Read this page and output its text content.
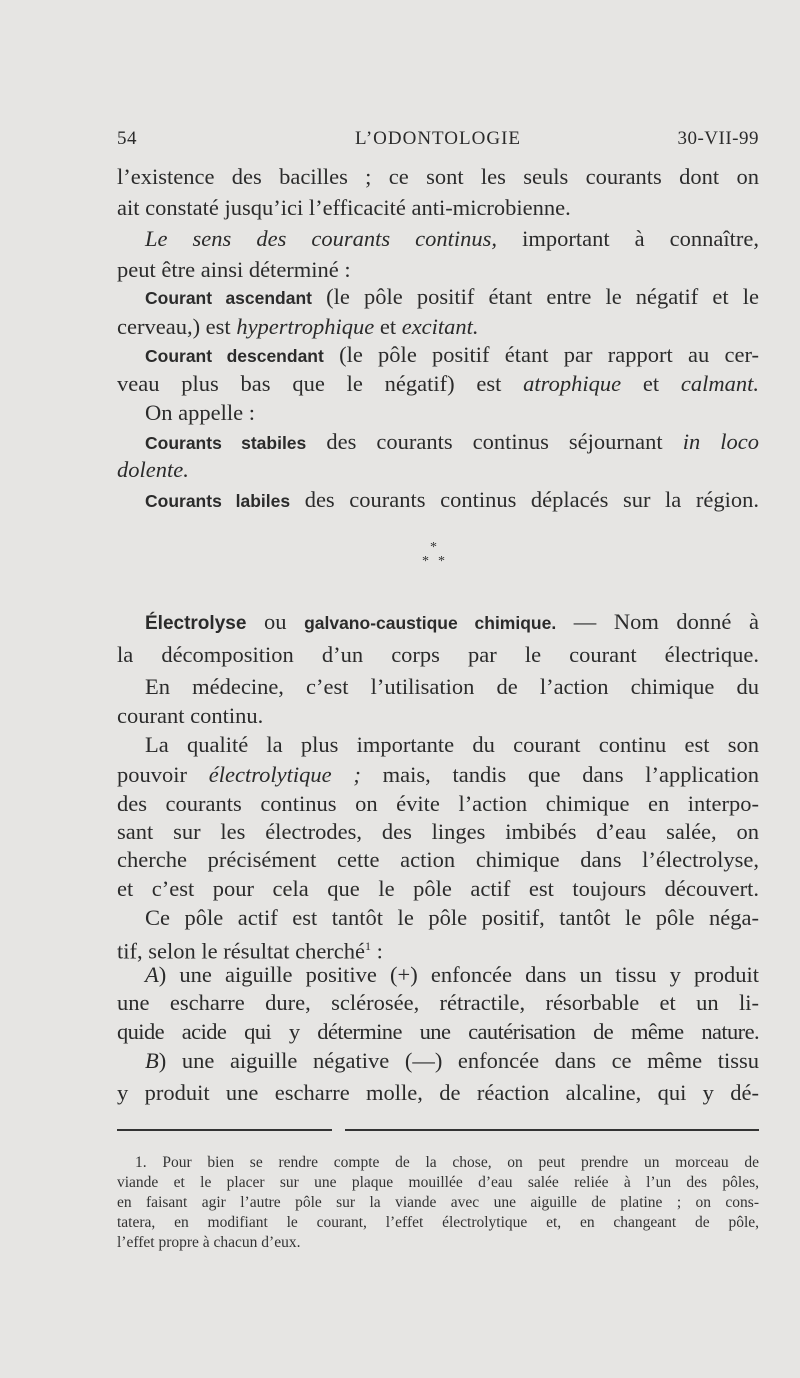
54	L’ODONTOLOGIE	30-VII-99
l’existence des bacilles ; ce sont les seuls courants dont on
ait constaté jusqu’ici l’efficacité anti-microbienne.
Le sens des courants continus, important à connaître,
peut être ainsi déterminé :
Courant ascendant (le pôle positif étant entre le négatif et le
cerveau,) est hypertrophique et excitant.
Courant descendant (le pôle positif étant par rapport au cer-
veau plus bas que le négatif) est atrophique et calmant.
On appelle :
Courants stabiles des courants continus séjournant in loco
dolente.
Courants labiles des courants continus déplacés sur la région.
*
* *
Électrolyse ou galvano-caustique chimique. — Nom donné à
la décomposition d’un corps par le courant électrique.
En médecine, c’est l’utilisation de l’action chimique du
courant continu.
La qualité la plus importante du courant continu est son
pouvoir électrolytique ; mais, tandis que dans l’application
des courants continus on évite l’action chimique en interpo-
sant sur les électrodes, des linges imbibés d’eau salée, on
cherche précisément cette action chimique dans l’électrolyse,
et c’est pour cela que le pôle actif est toujours découvert.
Ce pôle actif est tantôt le pôle positif, tantôt le pôle néga-
tif, selon le résultat cherché$^1$ :
A) une aiguille positive (+) enfoncée dans un tissu y produit
une escharre dure, sclérosée, rétractile, résorbable et un li-
quide acide qui y détermine une cautérisation de même nature.
B) une aiguille négative (—) enfoncée dans ce même tissu
y produit une escharre molle, de réaction alcaline, qui y dé-
1. Pour bien se rendre compte de la chose, on peut prendre un morceau de
viande et le placer sur une plaque mouillée d’eau salée reliée à l’un des pôles,
en faisant agir l’autre pôle sur la viande avec une aiguille de platine ; on cons-
tatera, en modifiant le courant, l’effet électrolytique et, en changeant de pôle,
l’effet propre à chacun d’eux.
